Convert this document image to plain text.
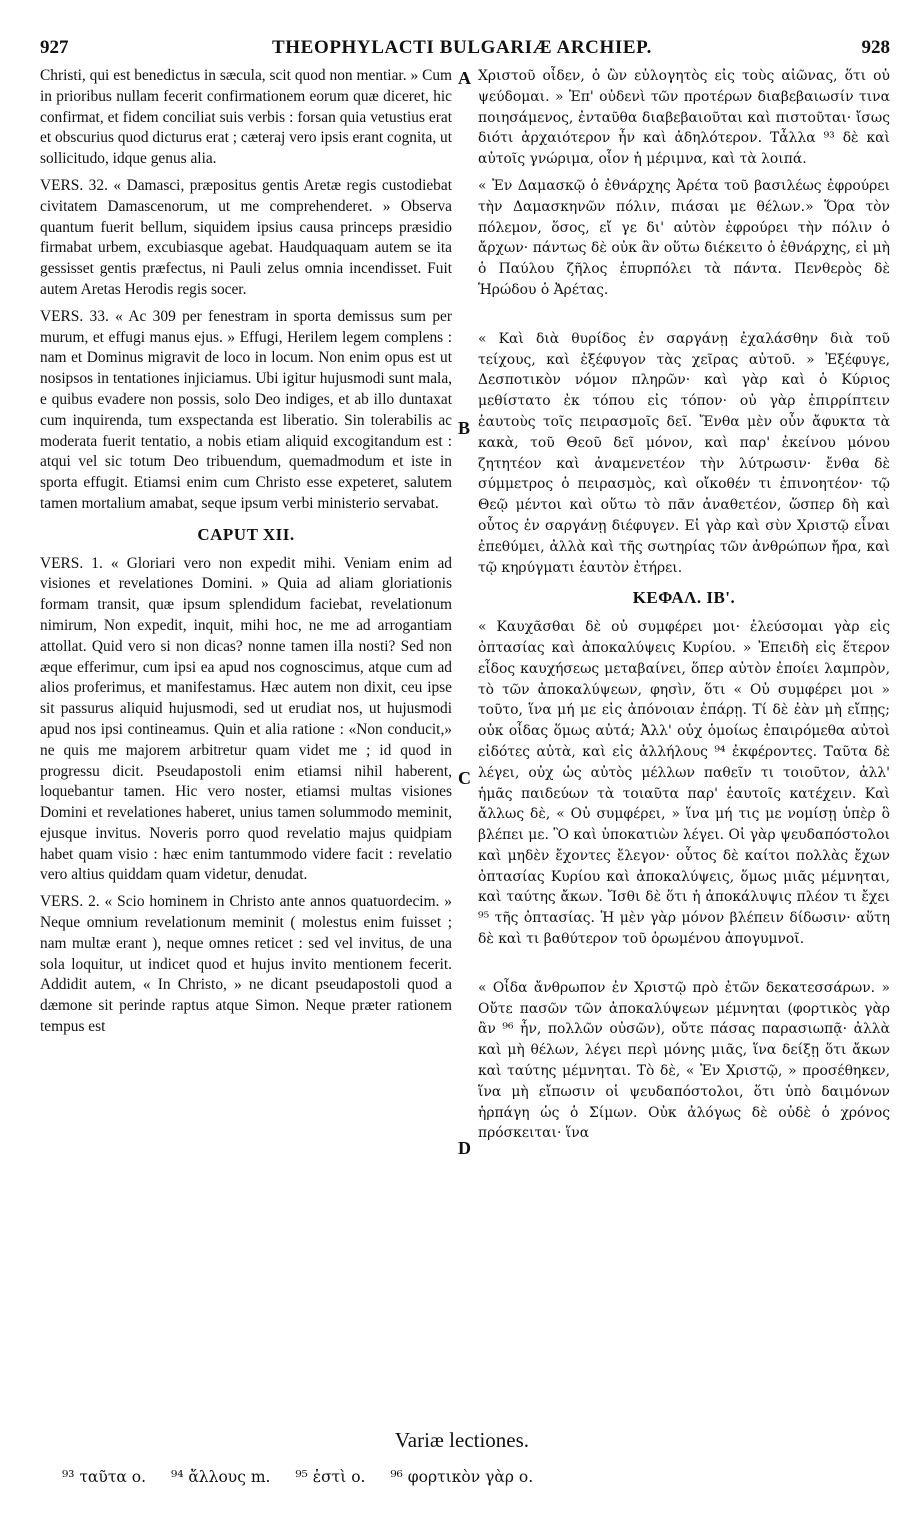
927	THEOPHYLACTI BULGARIÆ ARCHIEP.	928
A
B
C
D

Christi, qui est benedictus in sæcula, scit quod non mentiar. » Cum in prioribus nullam fecerit confirmationem eorum quæ diceret, hic confirmat, et fidem conciliat suis verbis : forsan quia vetustius erat et obscurius quod dicturus erat ; cæteraj vero ipsis erant cognita, ut sollicitudo, idque genus alia.

VERS. 32. « Damasci, præpositus gentis Aretæ regis custodiebat civitatem Damascenorum, ut me comprehenderet. » Observa quantum fuerit bellum, siquidem ipsius causa princeps præsidio firmabat urbem, excubiasque agebat. Haudquaquam autem se ita gessisset gentis præfectus, ni Pauli zelus omnia incendisset. Fuit autem Aretas Herodis regis socer.

VERS. 33. « Ac 309 per fenestram in sporta demissus sum per murum, et effugi manus ejus. » Effugi, Herilem legem complens : nam et Dominus migravit de loco in locum. Non enim opus est ut nosipsos in tentationes injiciamus. Ubi igitur hujusmodi sunt mala, e quibus evadere non possis, solo Deo indiges, et ab illo duntaxat cum inquirenda, tum exspectanda est liberatio. Sin tolerabilis ac moderata fuerit tentatio, a nobis etiam aliquid excogitandum est : atqui vel sic totum Deo tribuendum, quemadmodum et iste in sporta effugit. Etiamsi enim cum Christo esse expeteret, salutem tamen mortalium amabat, seque ipsum verbi ministerio servabat.

CAPUT XII.

VERS. 1. « Gloriari vero non expedit mihi. Veniam enim ad visiones et revelationes Domini. » Quia ad aliam gloriationis formam transit, quæ ipsum splendidum faciebat, revelationum nimirum, Non expedit, inquit, mihi hoc, ne me ad arrogantiam attollat. Quid vero si non dicas? nonne tamen illa nosti? Sed non æque efferimur, cum ipsi ea apud nos cognoscimus, atque cum ad alios proferimus, et manifestamus. Hæc autem non dixit, ceu ipse sit passurus aliquid hujusmodi, sed ut erudiat nos, ut hujusmodi apud nos ipsi contineamus. Quin et alia ratione : «Non conducit,» ne quis me majorem arbitretur quam videt me ; id quod in progressu dicit. Pseudapostoli enim etiamsi nihil haberent, loquebantur tamen. Hic vero noster, etiamsi multas visiones Domini et revelationes haberet, unius tamen solummodo meminit, ejusque invitus. Noveris porro quod revelatio majus quidpiam habet quam visio : hæc enim tantummodo videre facit : revelatio vero altius quiddam quam videtur, denudat.

VERS. 2. « Scio hominem in Christo ante annos quatuordecim. » Neque omnium revelationum meminit ( molestus enim fuisset ; nam multæ erant ), neque omnes reticet : sed vel invitus, de una sola loquitur, ut indicet quod et hujus invito mentionem fecerit. Addidit autem, « In Christo, » ne dicant pseudapostoli quod a dæmone sit perinde raptus atque Simon. Neque præter rationem tempus est

Χριστοῦ οἶδεν, ὁ ὢν εὐλογητὸς εἰς τοὺς αἰῶνας, ὅτι οὐ ψεύδομαι. » Ἐπ' οὐδενὶ τῶν προτέρων διαβεβαιωσίν τινα ποιησάμενος, ἐνταῦθα διαβεβαιοῦται καὶ πιστοῦται· ἴσως διότι ἀρχαιότερον ἦν καὶ ἀδηλότερον. Τἆλλα ⁹³ δὲ καὶ αὐτοῖς γνώριμα, οἷον ἡ μέριμνα, καὶ τὰ λοιπά.

« Ἐν Δαμασκῷ ὁ ἐθνάρχης Ἀρέτα τοῦ βασιλέως ἐφρούρει τὴν Δαμασκηνῶν πόλιν, πιάσαι με θέλων.» Ὅρα τὸν πόλεμον, ὅσος, εἴ γε δι' αὐτὸν ἐφρούρει τὴν πόλιν ὁ ἄρχων· πάντως δὲ οὐκ ἂν οὕτω διέκειτο ὁ ἐθνάρχης, εἰ μὴ ὁ Παύλου ζῆλος ἐπυρπόλει τὰ πάντα. Πενθερὸς δὲ Ἡρώδου ὁ Ἀρέτας.

« Καὶ διὰ θυρίδος ἐν σαργάνῃ ἐχαλάσθην διὰ τοῦ τείχους, καὶ ἐξέφυγον τὰς χεῖρας αὐτοῦ. » Ἐξέφυγε, Δεσποτικὸν νόμον πληρῶν· καὶ γὰρ καὶ ὁ Κύριος μεθίστατο ἐκ τόπου εἰς τόπον· οὐ γὰρ ἐπιρρίπτειν ἑαυτοὺς τοῖς πειρασμοῖς δεῖ. Ἔνθα μὲν οὖν ἄφυκτα τὰ κακὰ, τοῦ Θεοῦ δεῖ μόνον, καὶ παρ' ἐκείνου μόνου ζητητέον καὶ ἀναμενετέον τὴν λύτρωσιν· ἔνθα δὲ σύμμετρος ὁ πειρασμὸς, καὶ οἴκοθέν τι ἐπινοητέον· τῷ Θεῷ μέντοι καὶ οὕτω τὸ πᾶν ἀναθετέον, ὥσπερ δὴ καὶ οὗτος ἐν σαργάνῃ διέφυγεν. Εἰ γὰρ καὶ σὺν Χριστῷ εἶναι ἐπεθύμει, ἀλλὰ καὶ τῆς σωτηρίας τῶν ἀνθρώπων ἤρα, καὶ τῷ κηρύγματι ἑαυτὸν ἐτήρει.

ΚΕΦΑΛ. ΙΒ'.

« Καυχᾶσθαι δὲ οὐ συμφέρει μοι· ἐλεύσομαι γὰρ εἰς ὀπτασίας καὶ ἀποκαλύψεις Κυρίου. » Ἐπειδὴ εἰς ἕτερον εἶδος καυχήσεως μεταβαίνει, ὅπερ αὐτὸν ἐποίει λαμπρὸν, τὸ τῶν ἀποκαλύψεων, φησὶν, ὅτι « Οὐ συμφέρει μοι » τοῦτο, ἵνα μή με εἰς ἀπόνοιαν ἐπάρῃ. Τί δὲ ἐὰν μὴ εἴπῃς; οὐκ οἶδας ὅμως αὐτά; Ἀλλ' οὐχ ὁμοίως ἐπαιρόμεθα αὐτοὶ εἰδότες αὐτὰ, καὶ εἰς ἀλλήλους ⁹⁴ ἐκφέροντες. Ταῦτα δὲ λέγει, οὐχ ὡς αὐτὸς μέλλων παθεῖν τι τοιοῦτον, ἀλλ' ἡμᾶς παιδεύων τὰ τοιαῦτα παρ' ἑαυτοῖς κατέχειν. Καὶ ἄλλως δὲ, « Οὐ συμφέρει, » ἵνα μή τις με νομίσῃ ὑπὲρ ὃ βλέπει με. Ὃ καὶ ὑποκατιὼν λέγει. Οἱ γὰρ ψευδαπόστολοι καὶ μηδὲν ἔχοντες ἔλεγον· οὗτος δὲ καίτοι πολλὰς ἔχων ὀπτασίας Κυρίου καὶ ἀποκαλύψεις, ὅμως μιᾶς μέμνηται, καὶ ταύτης ἄκων. Ἴσθι δὲ ὅτι ἡ ἀποκάλυψις πλέον τι ἔχει ⁹⁵ τῆς ὀπτασίας. Ἡ μὲν γὰρ μόνον βλέπειν δίδωσιν· αὕτη δὲ καὶ τι βαθύτερον τοῦ ὁρωμένου ἀπογυμνοῖ.

« Οἶδα ἄνθρωπον ἐν Χριστῷ πρὸ ἐτῶν δεκατεσσάρων. » Οὔτε πασῶν τῶν ἀποκαλύψεων μέμνηται (φορτικὸς γὰρ ἂν ⁹⁶ ἦν, πολλῶν οὐσῶν), οὔτε πάσας παρασιωπᾷ· ἀλλὰ καὶ μὴ θέλων, λέγει περὶ μόνης μιᾶς, ἵνα δείξῃ ὅτι ἄκων καὶ ταύτης μέμνηται. Τὸ δὲ, « Ἐν Χριστῷ, » προσέθηκεν, ἵνα μὴ εἴπωσιν οἱ ψευδαπόστολοι, ὅτι ὑπὸ δαιμόνων ἡρπάγη ὡς ὁ Σίμων. Οὐκ ἀλόγως δὲ οὐδὲ ὁ χρόνος πρόσκειται· ἵνα

Variæ lectiones.
⁹³ ταῦτα ο. ⁹⁴ ἄλλους m. ⁹⁵ ἐστὶ ο. ⁹⁶ φορτικὸν γὰρ ο.
